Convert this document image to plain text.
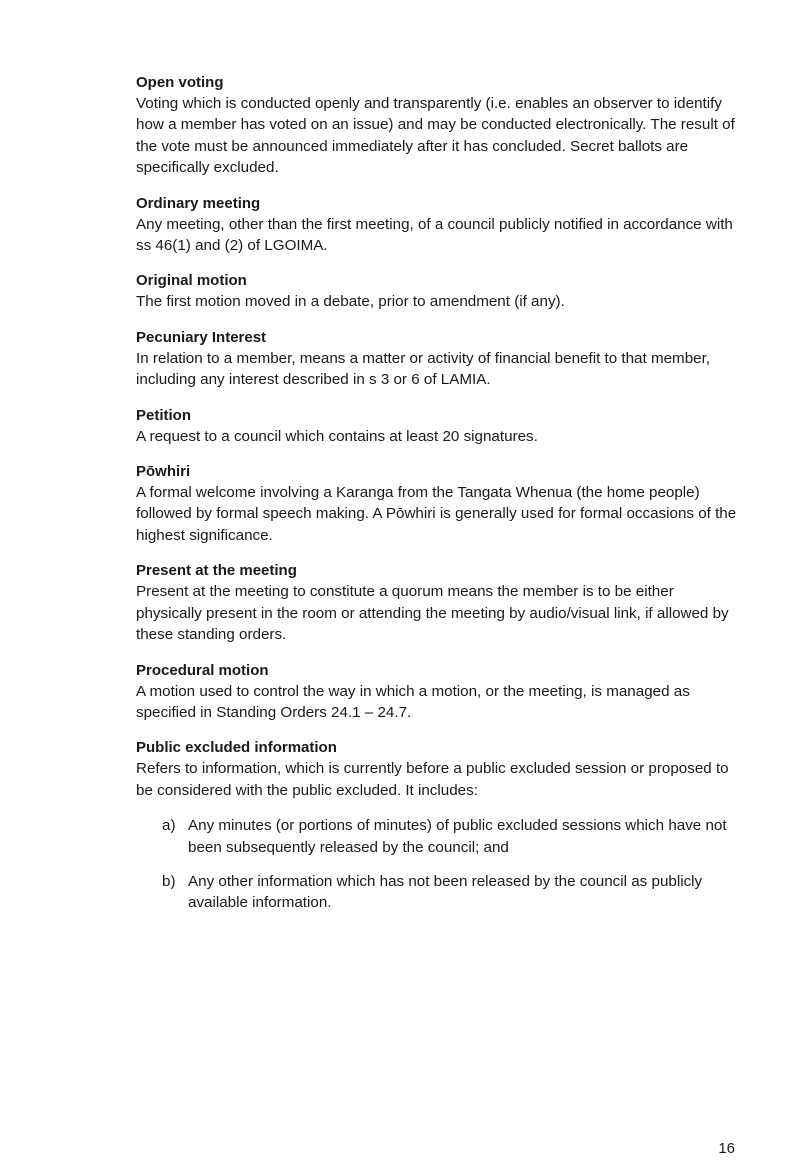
Open voting

Voting which is conducted openly and transparently (i.e. enables an observer to identify how a member has voted on an issue) and may be conducted electronically. The result of the vote must be announced immediately after it has concluded. Secret ballots are specifically excluded.

Ordinary meeting

Any meeting, other than the first meeting, of a council publicly notified in accordance with ss 46(1) and (2) of LGOIMA.

Original motion

The first motion moved in a debate, prior to amendment (if any).

Pecuniary Interest

In relation to a member, means a matter or activity of financial benefit to that member, including any interest described in s 3 or 6 of LAMIA.

Petition

A request to a council which contains at least 20 signatures.

Pōwhiri

A formal welcome involving a Karanga from the Tangata Whenua (the home people) followed by formal speech making. A Pōwhiri is generally used for formal occasions of the highest significance.

Present at the meeting

Present at the meeting to constitute a quorum means the member is to be either physically present in the room or attending the meeting by audio/visual link, if allowed by these standing orders.

Procedural motion

A motion used to control the way in which a motion, or the meeting, is managed as specified in Standing Orders 24.1 – 24.7.

Public excluded information

Refers to information, which is currently before a public excluded session or proposed to be considered with the public excluded. It includes:

a) Any minutes (or portions of minutes) of public excluded sessions which have not been subsequently released by the council; and
b) Any other information which has not been released by the council as publicly available information.
16
